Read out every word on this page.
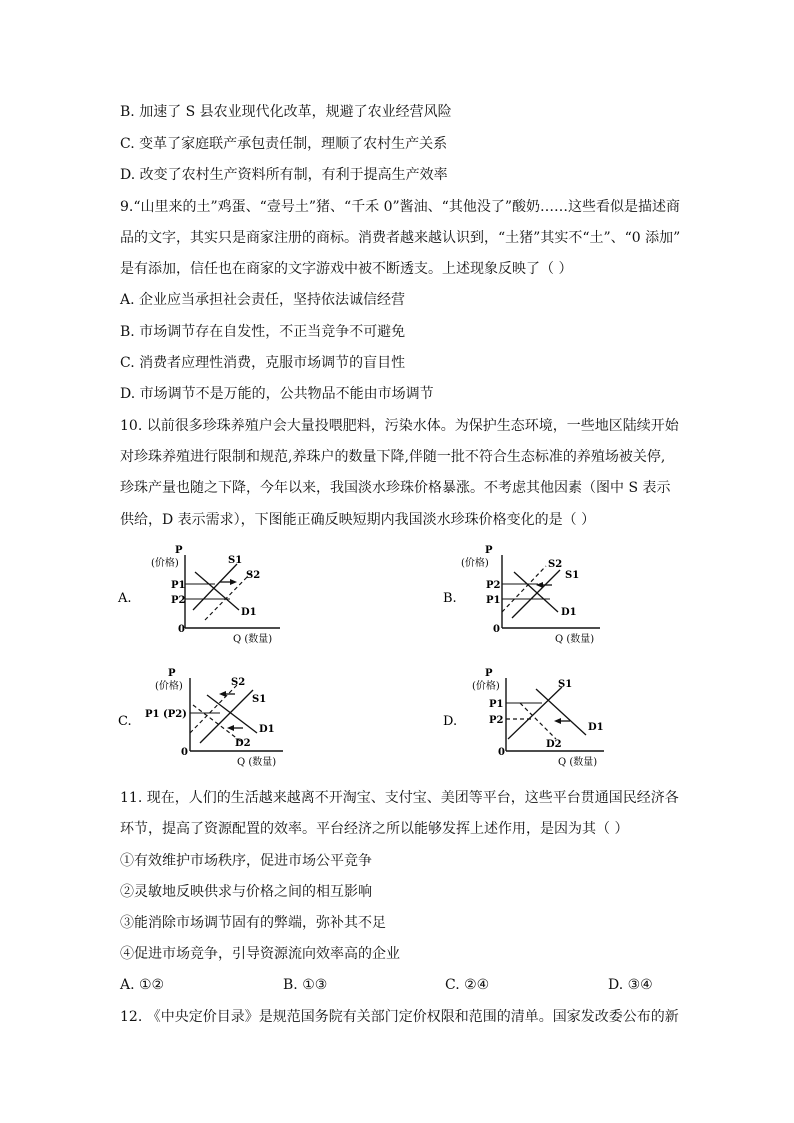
B. 加速了 S 县农业现代化改革，规避了农业经营风险
C. 变革了家庭联产承包责任制，理顺了农村生产关系
D. 改变了农村生产资料所有制，有利于提高生产效率
9.“山里来的土”鸡蛋、“壹号土”猪、“千禾 0”酱油、“其他没了”酸奶……这些看似是描述商
品的文字，其实只是商家注册的商标。消费者越来越认识到，“土猪”其实不“土”、“0 添加”
是有添加，信任也在商家的文字游戏中被不断透支。上述现象反映了（ ）
A. 企业应当承担社会责任，坚持依法诚信经营
B. 市场调节存在自发性，不正当竞争不可避免
C. 消费者应理性消费，克服市场调节的盲目性
D. 市场调节不是万能的，公共物品不能由市场调节
10. 以前很多珍珠养殖户会大量投喂肥料，污染水体。为保护生态环境，一些地区陆续开始
对珍珠养殖进行限制和规范,养珠户的数量下降,伴随一批不符合生态标准的养殖场被关停,
珍珠产量也随之下降，今年以来，我国淡水珍珠价格暴涨。不考虑其他因素（图中 S 表示
供给，D 表示需求），下图能正确反映短期内我国淡水珍珠价格变化的是（ ）
A.
P
(价格)
P1
P2
0
Q (数量)
S1
S2
D1
B.
P
(价格)
P2
P1
0
Q (数量)
S2
S1
D1
C.
P
(价格)
P1 (P2)
0
Q (数量)
S2
S1
D1
D2
D.
P
(价格)
P1
P2
0
Q (数量)
S1
D1
D2
11. 现在，人们的生活越来越离不开淘宝、支付宝、美团等平台，这些平台贯通国民经济各
环节，提高了资源配置的效率。平台经济之所以能够发挥上述作用，是因为其（ ）
①有效维护市场秩序，促进市场公平竞争
②灵敏地反映供求与价格之间的相互影响
③能消除市场调节固有的弊端，弥补其不足
④促进市场竞争，引导资源流向效率高的企业
A. ①②	B. ①③	C. ②④	D. ③④
12. 《中央定价目录》是规范国务院有关部门定价权限和范围的清单。国家发改委公布的新
